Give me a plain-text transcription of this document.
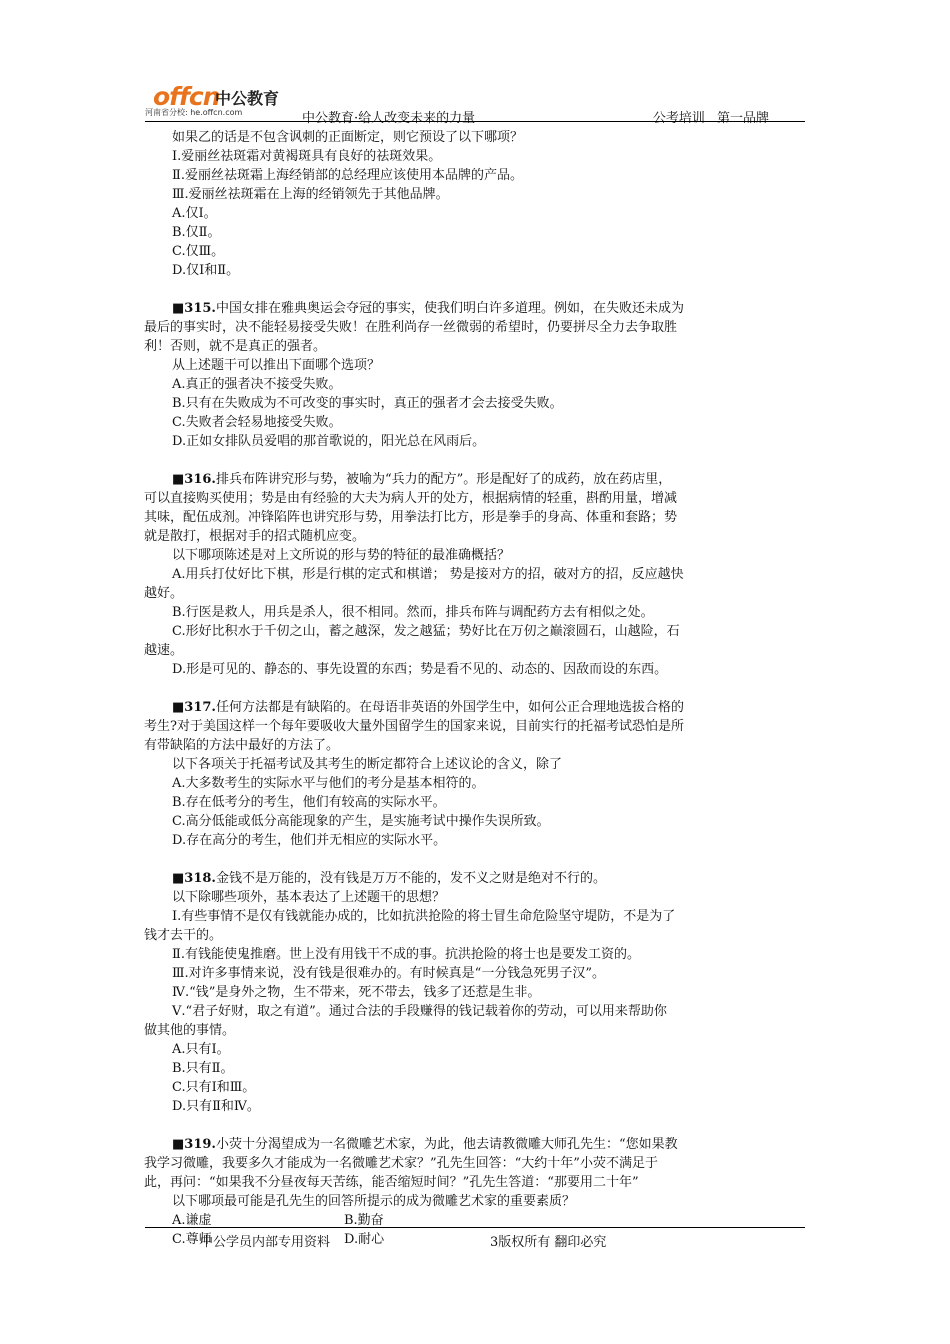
offcn
中公教育
河南省分校: he.offcn.com	中公教育·给人改变未来的力量	公考培训 第一品牌

如果乙的话是不包含讽刺的正面断定，则它预设了以下哪项？

Ⅰ.爱丽丝祛斑霜对黄褐斑具有良好的祛斑效果。

Ⅱ.爱丽丝祛斑霜上海经销部的总经理应该使用本品牌的产品。

Ⅲ.爱丽丝祛斑霜在上海的经销领先于其他品牌。

A.仅Ⅰ。

B.仅Ⅱ。

C.仅Ⅲ。

D.仅Ⅰ和Ⅱ。

■315.中国女排在雅典奥运会夺冠的事实，使我们明白许多道理。例如，在失败还未成为

最后的事实时，决不能轻易接受失败！在胜利尚存一丝微弱的希望时，仍要拼尽全力去争取胜

利！否则，就不是真正的强者。

从上述题干可以推出下面哪个选项？

A.真正的强者决不接受失败。

B.只有在失败成为不可改变的事实时，真正的强者才会去接受失败。

C.失败者会轻易地接受失败。

D.正如女排队员爱唱的那首歌说的，阳光总在风雨后。

■316.排兵布阵讲究形与势，被喻为“兵力的配方”。形是配好了的成药，放在药店里，

可以直接购买使用；势是由有经验的大夫为病人开的处方，根据病情的轻重，斟酌用量，增减

其味，配伍成剂。冲锋陷阵也讲究形与势，用拳法打比方，形是拳手的身高、体重和套路；势

就是散打，根据对手的招式随机应变。

以下哪项陈述是对上文所说的形与势的特征的最准确概括？

A.用兵打仗好比下棋，形是行棋的定式和棋谱； 势是接对方的招，破对方的招，反应越快

越好。

B.行医是救人，用兵是杀人，很不相同。然而，排兵布阵与调配药方去有相似之处。

C.形好比积水于千仞之山，蓄之越深，发之越猛；势好比在万仞之巅滚圆石，山越险，石

越速。

D.形是可见的、静态的、事先设置的东西；势是看不见的、动态的、因敌而设的东西。

■317.任何方法都是有缺陷的。在母语非英语的外国学生中，如何公正合理地选拔合格的

考生?对于美国这样一个每年要吸收大量外国留学生的国家来说，目前实行的托福考试恐怕是所

有带缺陷的方法中最好的方法了。

以下各项关于托福考试及其考生的断定都符合上述议论的含义，除了

A.大多数考生的实际水平与他们的考分是基本相符的。

B.存在低考分的考生，他们有较高的实际水平。

C.高分低能或低分高能现象的产生，是实施考试中操作失误所致。

D.存在高分的考生，他们并无相应的实际水平。

■318.金钱不是万能的，没有钱是万万不能的，发不义之财是绝对不行的。

以下除哪些项外，基本表达了上述题干的思想？

Ⅰ.有些事情不是仅有钱就能办成的，比如抗洪抢险的将士冒生命危险坚守堤防，不是为了

钱才去干的。

Ⅱ.有钱能使鬼推磨。世上没有用钱干不成的事。抗洪抢险的将士也是要发工资的。

Ⅲ.对许多事情来说，没有钱是很难办的。有时候真是“一分钱急死男子汉”。

Ⅳ.“钱”是身外之物，生不带来，死不带去，钱多了还惹是生非。

Ⅴ.“君子好财，取之有道”。通过合法的手段赚得的钱记载着你的劳动，可以用来帮助你

做其他的事情。

A.只有Ⅰ。

B.只有Ⅱ。

C.只有Ⅰ和Ⅲ。

D.只有Ⅱ和Ⅳ。

■319.小荧十分渴望成为一名微雕艺术家，为此，他去请教微雕大师孔先生：“您如果教

我学习微雕，我要多久才能成为一名微雕艺术家？”孔先生回答：“大约十年”小荧不满足于

此，再问：“如果我不分昼夜每天苦练，能否缩短时间？”孔先生答道：“那要用二十年”

以下哪项最可能是孔先生的回答所提示的成为微雕艺术家的重要素质？

A.谦虚	B.勤奋

C.尊师	D.耐心

中公学员内部专用资料	3版权所有 翻印必究
